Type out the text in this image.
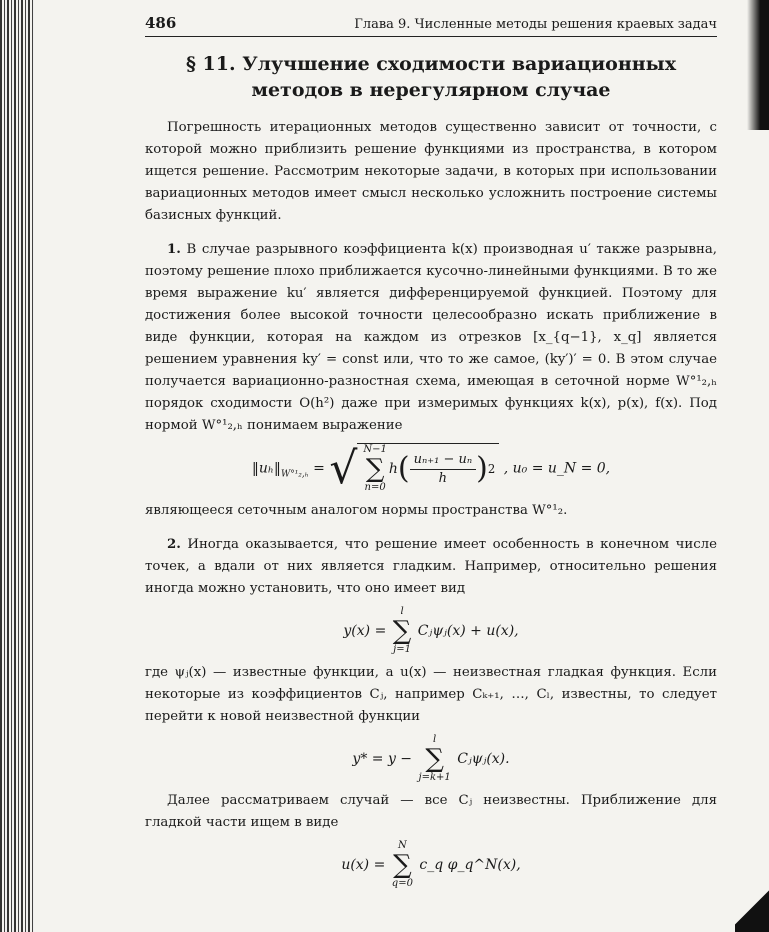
486	Глава 9. Численные методы решения краевых задач
§ 11. Улучшение сходимости вариационных
методов в нерегулярном случае

Погрешность итерационных методов существенно зависит от точности, с которой можно приблизить решение функциями из пространства, в котором ищется решение. Рассмотрим некоторые задачи, в которых при использовании вариационных методов имеет смысл несколько усложнить построение системы базисных функций.

1. В случае разрывного коэффициента k(x) производная u′ также разрывна, поэтому решение плохо приближается кусочно-линейными функциями. В то же время выражение ku′ является дифференцируемой функцией. Поэтому для достижения более высокой точности целесообразно искать приближение в виде функции, которая на каждом из отрезков [x_{q−1}, x_q] является решением уравнения ky′ = const или, что то же самое, (ky′)′ = 0. В этом случае получается вариационно-разностная схема, имеющая в сеточной норме W°¹₂,ₕ порядок сходимости O(h²) даже при измеримых функциях k(x), p(x), f(x). Под нормой W°¹₂,ₕ понимаем выражение

$‖u_h‖_{W^\circ^1_2,_h}$ = √ N−1
∑
n=0
h ( $\frac{\text{uₙ₊₁ − uₙ}}{h}$ ) 2 , u₀ = u_N = 0,

являющееся сеточным аналогом нормы пространства W°¹₂.

2. Иногда оказывается, что решение имеет особенность в конечном числе точек, а вдали от них является гладким. Например, относительно решения иногда можно установить, что оно имеет вид

y(x) =
l
∑
j=1
Cⱼψⱼ(x) + u(x),

где ψⱼ(x) — известные функции, а u(x) — неизвестная гладкая функция. Если некоторые из коэффициентов Cⱼ, например Cₖ₊₁, …, Cₗ, известны, то следует перейти к новой неизвестной функции

y* = y −
l
∑
j=k+1
Cⱼψⱼ(x).

Далее рассматриваем случай — все Cⱼ неизвестны. Приближение для гладкой части ищем в виде

u(x) =
N
∑
q=0
c_q φ_q^N(x),
